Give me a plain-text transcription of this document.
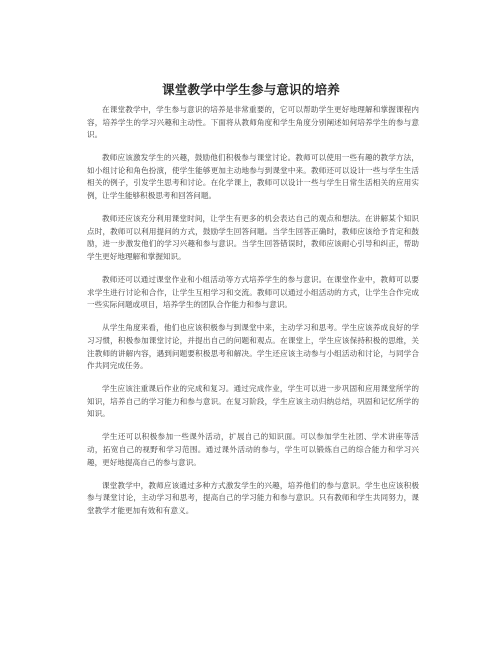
课堂教学中学生参与意识的培养

在课堂教学中，学生参与意识的培养是非常重要的，它可以帮助学生更好地理解和掌握课程内容，培养学生的学习兴趣和主动性。下面将从教师角度和学生角度分别阐述如何培养学生的参与意识。

教师应该激发学生的兴趣，鼓励他们积极参与课堂讨论。教师可以使用一些有趣的教学方法，如小组讨论和角色扮演，使学生能够更加主动地参与到课堂中来。教师还可以设计一些与学生生活相关的例子，引发学生思考和讨论。在化学课上，教师可以设计一些与学生日常生活相关的应用实例，让学生能够积极思考和回答问题。

教师还应该充分利用课堂时间，让学生有更多的机会表达自己的观点和想法。在讲解某个知识点时，教师可以利用提问的方式，鼓励学生回答问题。当学生回答正确时，教师应该给予肯定和鼓励，进一步激发他们的学习兴趣和参与意识。当学生回答错误时，教师应该耐心引导和纠正，帮助学生更好地理解和掌握知识。

教师还可以通过课堂作业和小组活动等方式培养学生的参与意识。在课堂作业中，教师可以要求学生进行讨论和合作，让学生互相学习和交流。教师可以通过小组活动的方式，让学生合作完成一些实际问题或项目，培养学生的团队合作能力和参与意识。

从学生角度来看，他们也应该积极参与到课堂中来，主动学习和思考。学生应该养成良好的学习习惯，积极参加课堂讨论，并提出自己的问题和观点。在课堂上，学生应该保持积极的思维，关注教师的讲解内容，遇到问题要积极思考和解决。学生还应该主动参与小组活动和讨论，与同学合作共同完成任务。

学生应该注重课后作业的完成和复习。通过完成作业，学生可以进一步巩固和应用课堂所学的知识，培养自己的学习能力和参与意识。在复习阶段，学生应该主动归纳总结，巩固和记忆所学的知识。

学生还可以积极参加一些课外活动，扩展自己的知识面。可以参加学生社团、学术讲座等活动，拓宽自己的视野和学习范围。通过课外活动的参与，学生可以锻炼自己的综合能力和学习兴趣，更好地提高自己的参与意识。

课堂教学中，教师应该通过多种方式激发学生的兴趣，培养他们的参与意识。学生也应该积极参与课堂讨论，主动学习和思考，提高自己的学习能力和参与意识。只有教师和学生共同努力，课堂教学才能更加有效和有意义。
